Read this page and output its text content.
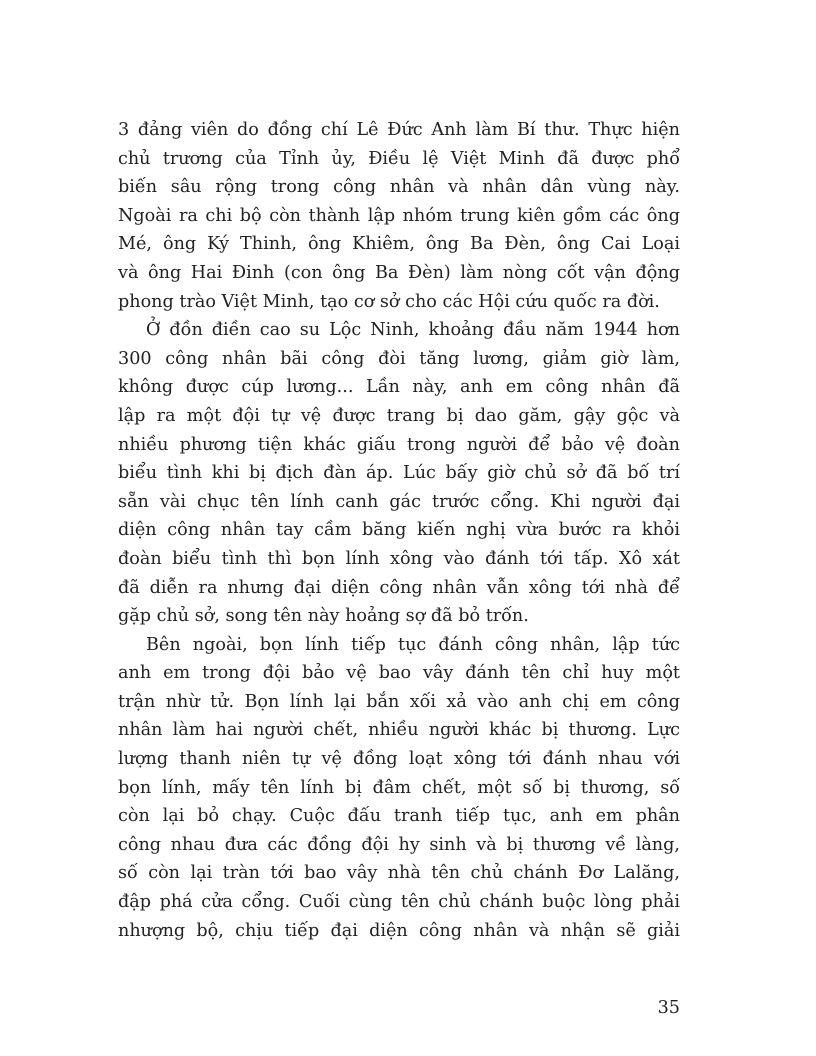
3 đảng viên do đồng chí Lê Đức Anh làm Bí thư. Thực hiện
chủ trương của Tỉnh ủy, Điều lệ Việt Minh đã được phổ
biến sâu rộng trong công nhân và nhân dân vùng này.
Ngoài ra chi bộ còn thành lập nhóm trung kiên gồm các ông
Mé, ông Ký Thinh, ông Khiêm, ông Ba Đèn, ông Cai Loại
và ông Hai Đinh (con ông Ba Đèn) làm nòng cốt vận động
phong trào Việt Minh, tạo cơ sở cho các Hội cứu quốc ra đời.
Ở đồn điền cao su Lộc Ninh, khoảng đầu năm 1944 hơn
300 công nhân bãi công đòi tăng lương, giảm giờ làm,
không được cúp lương... Lần này, anh em công nhân đã
lập ra một đội tự vệ được trang bị dao găm, gậy gộc và
nhiều phương tiện khác giấu trong người để bảo vệ đoàn
biểu tình khi bị địch đàn áp. Lúc bấy giờ chủ sở đã bố trí
sẵn vài chục tên lính canh gác trước cổng. Khi người đại
diện công nhân tay cầm băng kiến nghị vừa bước ra khỏi
đoàn biểu tình thì bọn lính xông vào đánh tới tấp. Xô xát
đã diễn ra nhưng đại diện công nhân vẫn xông tới nhà để
gặp chủ sở, song tên này hoảng sợ đã bỏ trốn.
Bên ngoài, bọn lính tiếp tục đánh công nhân, lập tức
anh em trong đội bảo vệ bao vây đánh tên chỉ huy một
trận nhừ tử. Bọn lính lại bắn xối xả vào anh chị em công
nhân làm hai người chết, nhiều người khác bị thương. Lực
lượng thanh niên tự vệ đồng loạt xông tới đánh nhau với
bọn lính, mấy tên lính bị đâm chết, một số bị thương, số
còn lại bỏ chạy. Cuộc đấu tranh tiếp tục, anh em phân
công nhau đưa các đồng đội hy sinh và bị thương về làng,
số còn lại tràn tới bao vây nhà tên chủ chánh Đơ Lalăng,
đập phá cửa cổng. Cuối cùng tên chủ chánh buộc lòng phải
nhượng bộ, chịu tiếp đại diện công nhân và nhận sẽ giải
35
